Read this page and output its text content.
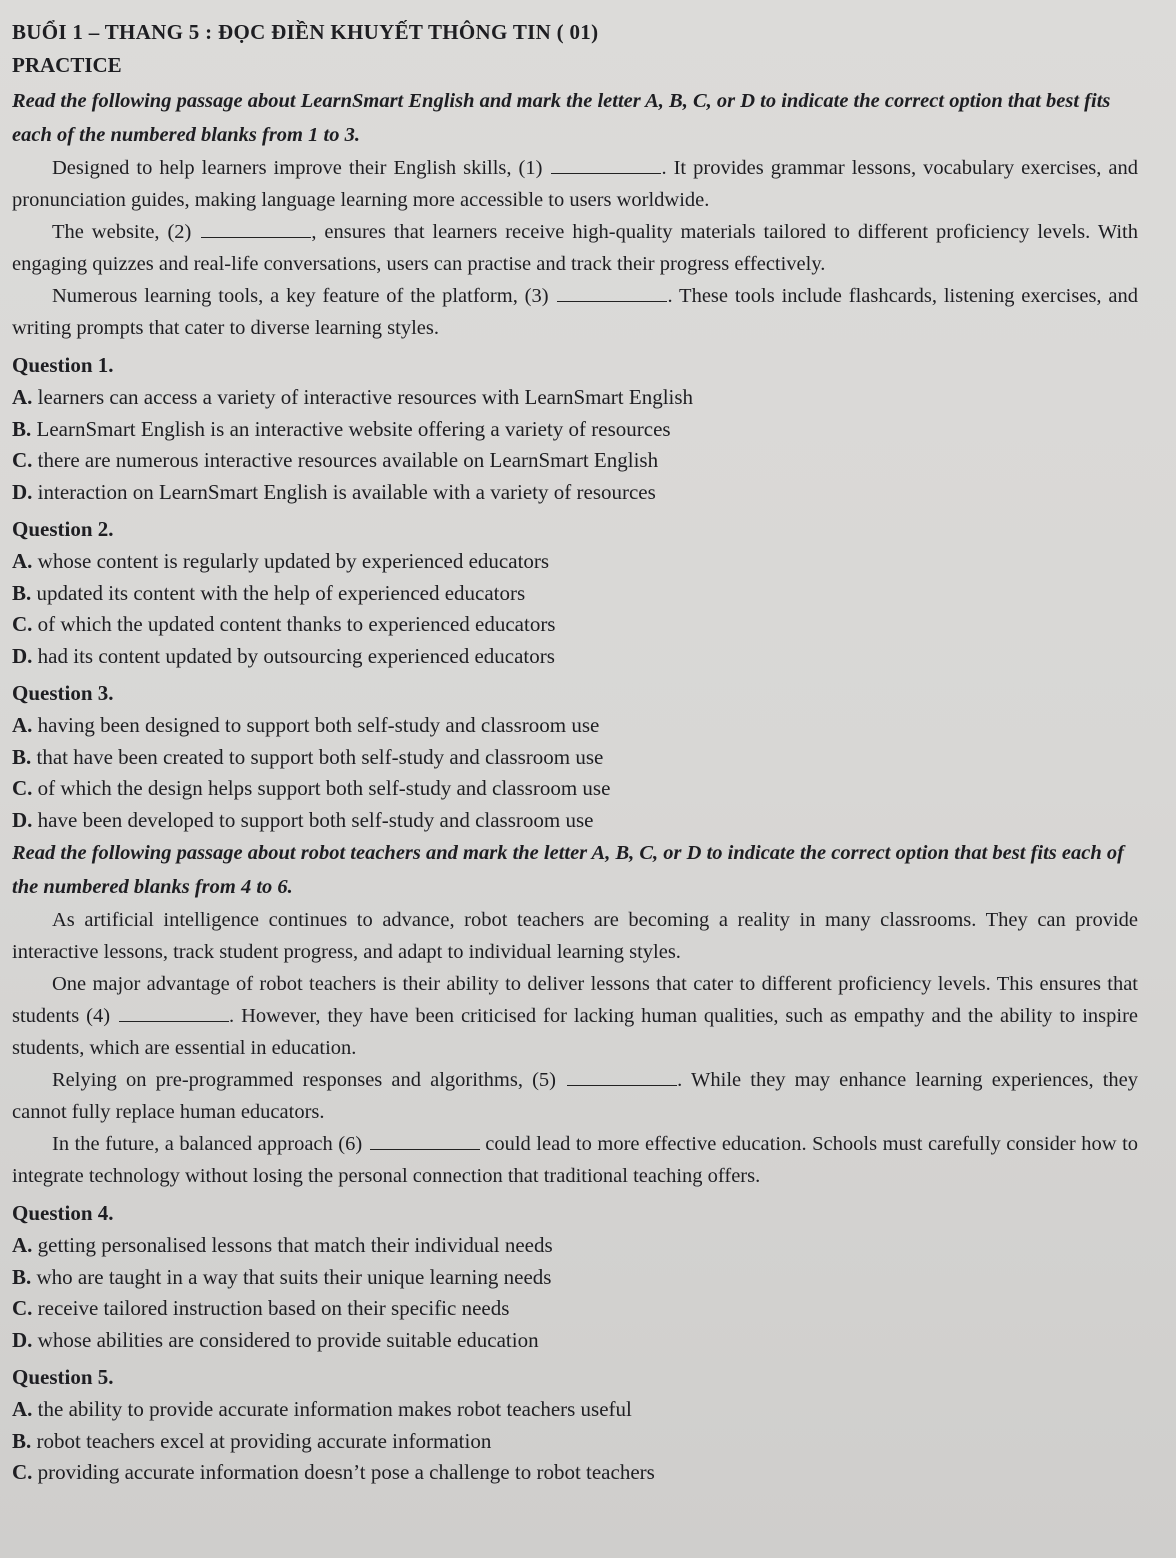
BUỔI 1 – THANG 5 : ĐỌC ĐIỀN KHUYẾT THÔNG TIN ( 01)
PRACTICE

Read the following passage about LearnSmart English and mark the letter A, B, C, or D to indicate the correct option that best fits each of the numbered blanks from 1 to 3.

Designed to help learners improve their English skills, (1)	. It provides grammar lessons, vocabulary exercises, and pronunciation guides, making language learning more accessible to users worldwide.

The website, (2)	, ensures that learners receive high-quality materials tailored to different proficiency levels. With engaging quizzes and real-life conversations, users can practise and track their progress effectively.

Numerous learning tools, a key feature of the platform, (3)	. These tools include flashcards, listening exercises, and writing prompts that cater to diverse learning styles.

Question 1.
A. learners can access a variety of interactive resources with LearnSmart English
B. LearnSmart English is an interactive website offering a variety of resources
C. there are numerous interactive resources available on LearnSmart English
D. interaction on LearnSmart English is available with a variety of resources
Question 2.
A. whose content is regularly updated by experienced educators
B. updated its content with the help of experienced educators
C. of which the updated content thanks to experienced educators
D. had its content updated by outsourcing experienced educators
Question 3.
A. having been designed to support both self-study and classroom use
B. that have been created to support both self-study and classroom use
C. of which the design helps support both self-study and classroom use
D. have been developed to support both self-study and classroom use

Read the following passage about robot teachers and mark the letter A, B, C, or D to indicate the correct option that best fits each of the numbered blanks from 4 to 6.

As artificial intelligence continues to advance, robot teachers are becoming a reality in many classrooms. They can provide interactive lessons, track student progress, and adapt to individual learning styles.

One major advantage of robot teachers is their ability to deliver lessons that cater to different proficiency levels. This ensures that students (4)	. However, they have been criticised for lacking human qualities, such as empathy and the ability to inspire students, which are essential in education.

Relying on pre-programmed responses and algorithms, (5)	. While they may enhance learning experiences, they cannot fully replace human educators.

In the future, a balanced approach (6)	could lead to more effective education. Schools must carefully consider how to integrate technology without losing the personal connection that traditional teaching offers.

Question 4.
A. getting personalised lessons that match their individual needs
B. who are taught in a way that suits their unique learning needs
C. receive tailored instruction based on their specific needs
D. whose abilities are considered to provide suitable education
Question 5.
A. the ability to provide accurate information makes robot teachers useful
B. robot teachers excel at providing accurate information
C. providing accurate information doesn’t pose a challenge to robot teachers
